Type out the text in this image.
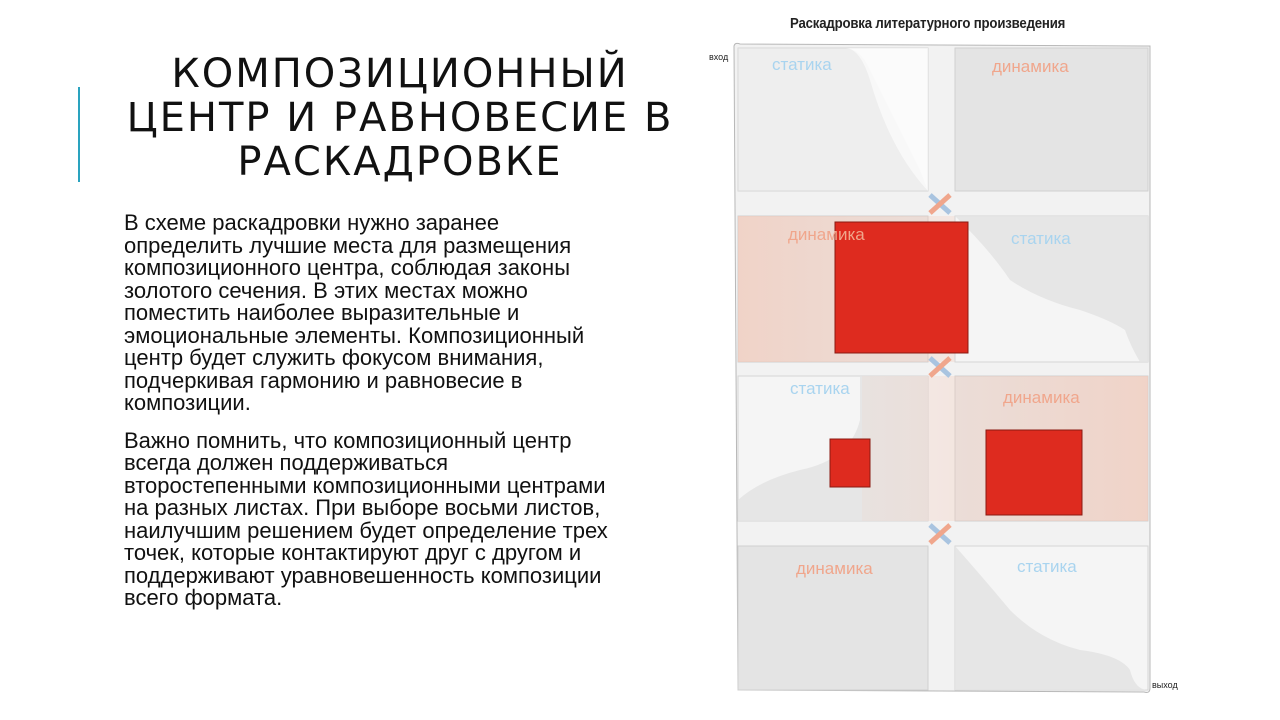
КОМПОЗИЦИОННЫЙ ЦЕНТР И РАВНОВЕСИЕ В РАСКАДРОВКЕ

В схеме раскадровки нужно заранее определить лучшие места для размещения композиционного центра, соблюдая законы золотого сечения. В этих местах можно поместить наиболее выразительные и эмоциональные элементы. Композиционный центр будет служить фокусом внимания, подчеркивая гармонию и равновесие в композиции.

Важно помнить, что композиционный центр всегда должен поддерживаться второстепенными композиционными центрами на разных листах. При выборе восьми листов, наилучшим решением будет определение трех точек, которые контактируют друг с другом и поддерживают уравновешенность композиции всего формата.

Раскадровка литературного произведения
вход
выход
статика	динамика
динамика	статика
статика	динамика
динамика	статика
